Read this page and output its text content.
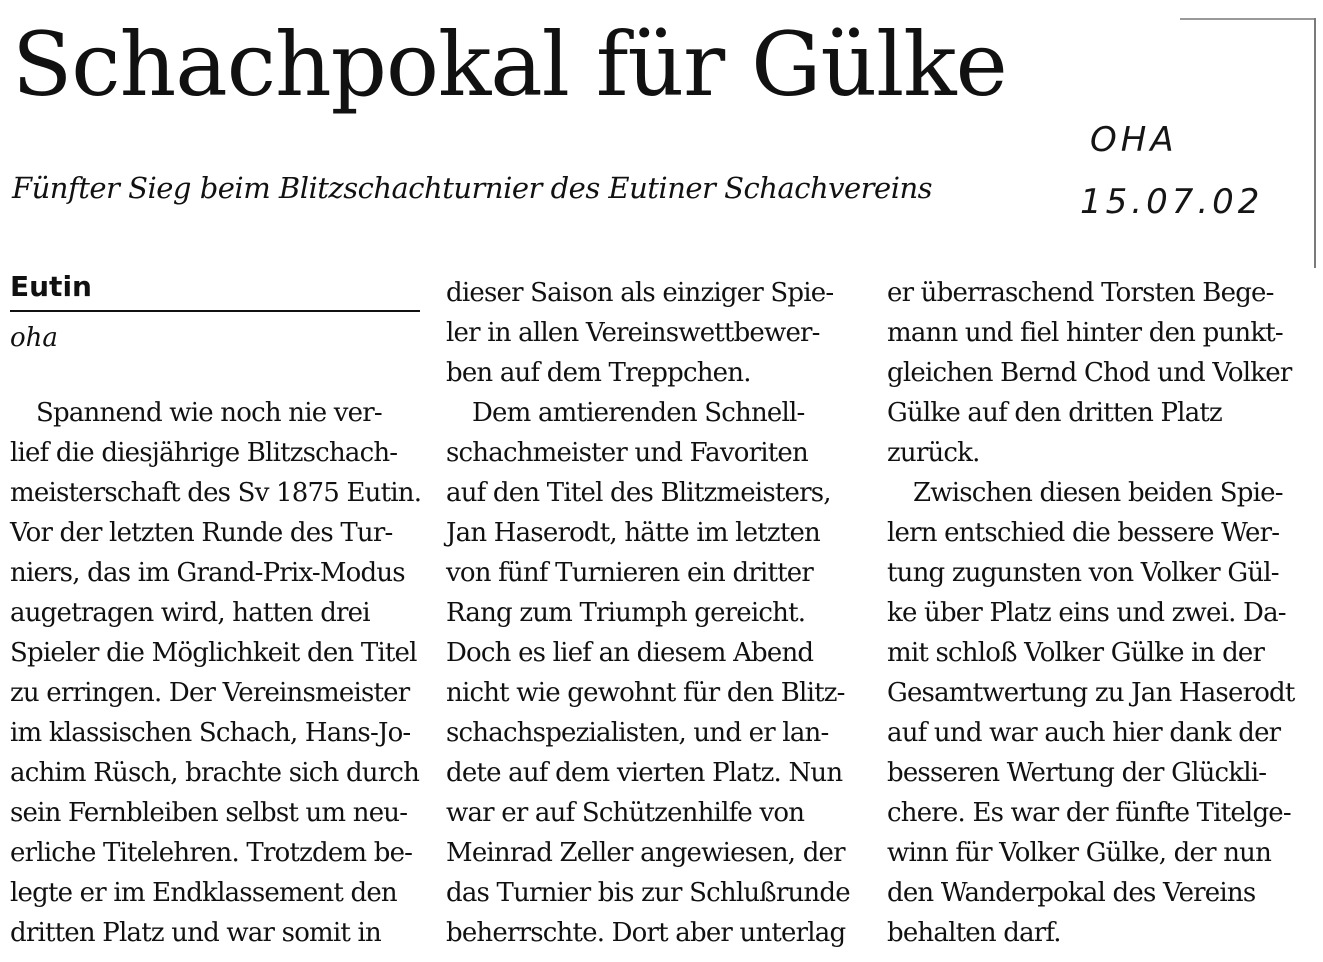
Schachpokal für Gülke
Fünfter Sieg beim Blitzschachturnier des Eutiner Schachvereins
OHA
15.07.02
Eutin
oha
Spannend wie noch nie ver-
lief die diesjährige Blitzschach-
meisterschaft des Sv 1875 Eutin.
Vor der letzten Runde des Tur-
niers, das im Grand-Prix-Modus
augetragen wird, hatten drei
Spieler die Möglichkeit den Titel
zu erringen. Der Vereinsmeister
im klassischen Schach, Hans-Jo-
achim Rüsch, brachte sich durch
sein Fernbleiben selbst um neu-
erliche Titelehren. Trotzdem be-
legte er im Endklassement den
dritten Platz und war somit in
dieser Saison als einziger Spie-
ler in allen Vereinswettbewer-
ben auf dem Treppchen.
Dem amtierenden Schnell-
schachmeister und Favoriten
auf den Titel des Blitzmeisters,
Jan Haserodt, hätte im letzten
von fünf Turnieren ein dritter
Rang zum Triumph gereicht.
Doch es lief an diesem Abend
nicht wie gewohnt für den Blitz-
schachspezialisten, und er lan-
dete auf dem vierten Platz. Nun
war er auf Schützenhilfe von
Meinrad Zeller angewiesen, der
das Turnier bis zur Schlußrunde
beherrschte. Dort aber unterlag
er überraschend Torsten Bege-
mann und fiel hinter den punkt-
gleichen Bernd Chod und Volker
Gülke auf den dritten Platz
zurück.
Zwischen diesen beiden Spie-
lern entschied die bessere Wer-
tung zugunsten von Volker Gül-
ke über Platz eins und zwei. Da-
mit schloß Volker Gülke in der
Gesamtwertung zu Jan Haserodt
auf und war auch hier dank der
besseren Wertung der Glückli-
chere. Es war der fünfte Titelge-
winn für Volker Gülke, der nun
den Wanderpokal des Vereins
behalten darf.
